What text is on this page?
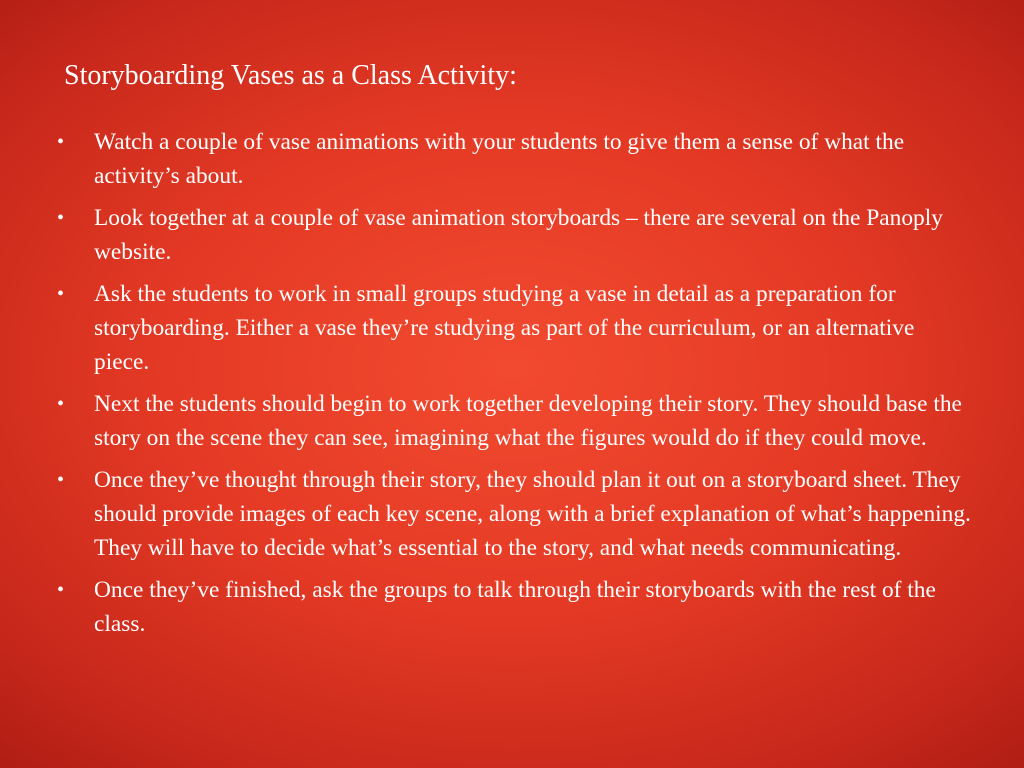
Storyboarding Vases as a Class Activity:
• Watch a couple of vase animations with your students to give them a sense of what the activity’s about.
• Look together at a couple of vase animation storyboards – there are several on the Panoply website.
• Ask the students to work in small groups studying a vase in detail as a preparation for storyboarding. Either a vase they’re studying as part of the curriculum, or an alternative piece.
• Next the students should begin to work together developing their story. They should base the story on the scene they can see, imagining what the figures would do if they could move.
• Once they’ve thought through their story, they should plan it out on a storyboard sheet. They should provide images of each key scene, along with a brief explanation of what’s happening. They will have to decide what’s essential to the story, and what needs communicating.
• Once they’ve finished, ask the groups to talk through their storyboards with the rest of the class.
